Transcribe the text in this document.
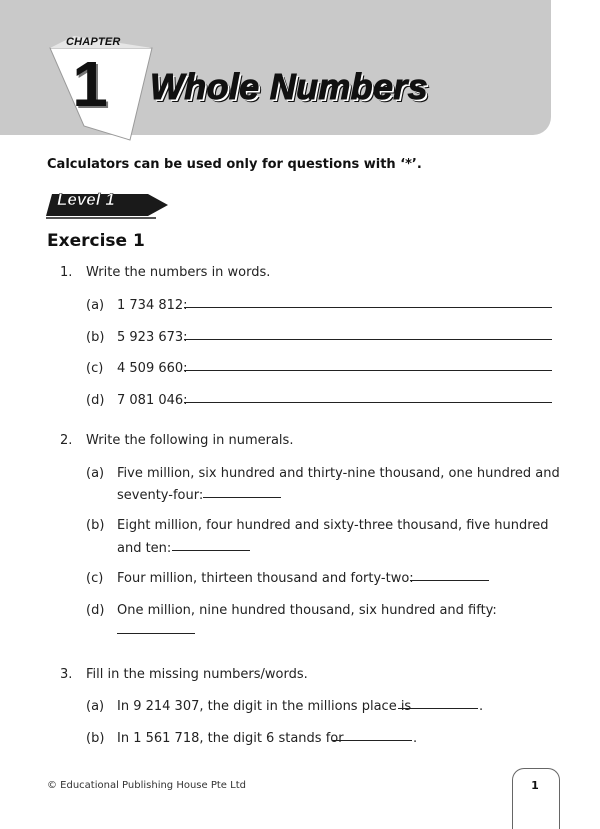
CHAPTER
1 Whole Numbers
Calculators can be used only for questions with ‘*’.
Level 1
Exercise 1
1. Write the numbers in words.
(a) 1 734 812:
(b) 5 923 673:
(c) 4 509 660:
(d) 7 081 046:
2. Write the following in numerals.
(a) Five million, six hundred and thirty-nine thousand, one hundred and
seventy-four:
(b) Eight million, four hundred and sixty-three thousand, five hundred
and ten:
(c) Four million, thirteen thousand and forty-two:
(d) One million, nine hundred thousand, six hundred and fifty:
3. Fill in the missing numbers/words.
(a) In 9 214 307, the digit in the millions place is	.
(b) In 1 561 718, the digit 6 stands for	.
© Educational Publishing House Pte Ltd	1
